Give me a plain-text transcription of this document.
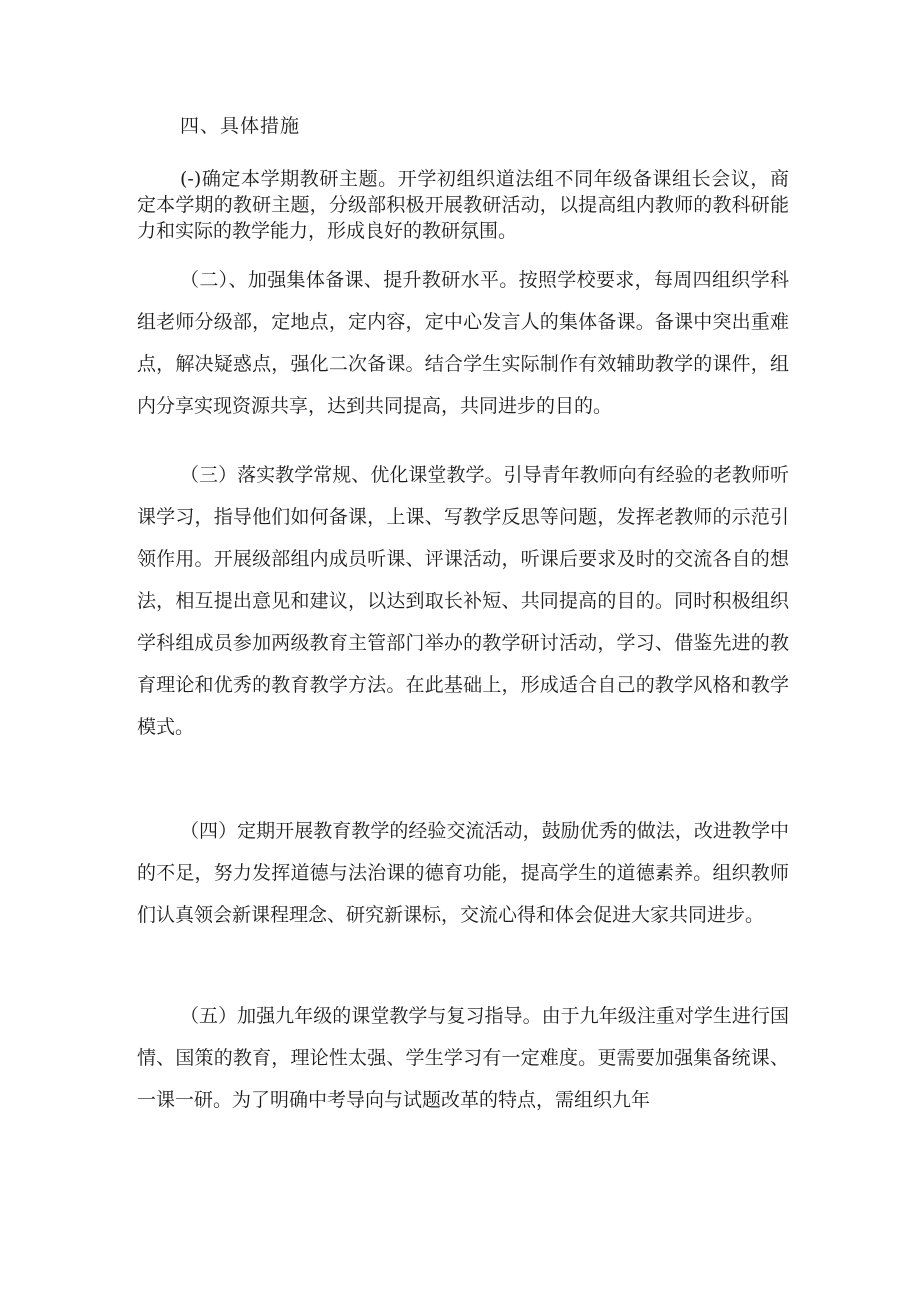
四、具体措施

(-)确定本学期教研主题。开学初组织道法组不同年级备课组长会议，商定本学期的教研主题，分级部积极开展教研活动，以提高组内教师的教科研能力和实际的教学能力，形成良好的教研氛围。

（二）、加强集体备课、提升教研水平。按照学校要求，每周四组织学科组老师分级部，定地点，定内容，定中心发言人的集体备课。备课中突出重难点，解决疑惑点，强化二次备课。结合学生实际制作有效辅助教学的课件，组内分享实现资源共享，达到共同提高，共同进步的目的。

（三）落实教学常规、优化课堂教学。引导青年教师向有经验的老教师听课学习，指导他们如何备课，上课、写教学反思等问题，发挥老教师的示范引领作用。开展级部组内成员听课、评课活动，听课后要求及时的交流各自的想法，相互提出意见和建议，以达到取长补短、共同提高的目的。同时积极组织学科组成员参加两级教育主管部门举办的教学研讨活动，学习、借鉴先进的教育理论和优秀的教育教学方法。在此基础上，形成适合自己的教学风格和教学模式。

（四）定期开展教育教学的经验交流活动，鼓励优秀的做法，改进教学中的不足，努力发挥道德与法治课的德育功能，提高学生的道德素养。组织教师们认真领会新课程理念、研究新课标，交流心得和体会促进大家共同进步。

（五）加强九年级的课堂教学与复习指导。由于九年级注重对学生进行国情、国策的教育，理论性太强、学生学习有一定难度。更需要加强集备统课、一课一研。为了明确中考导向与试题改革的特点，需组织九年
